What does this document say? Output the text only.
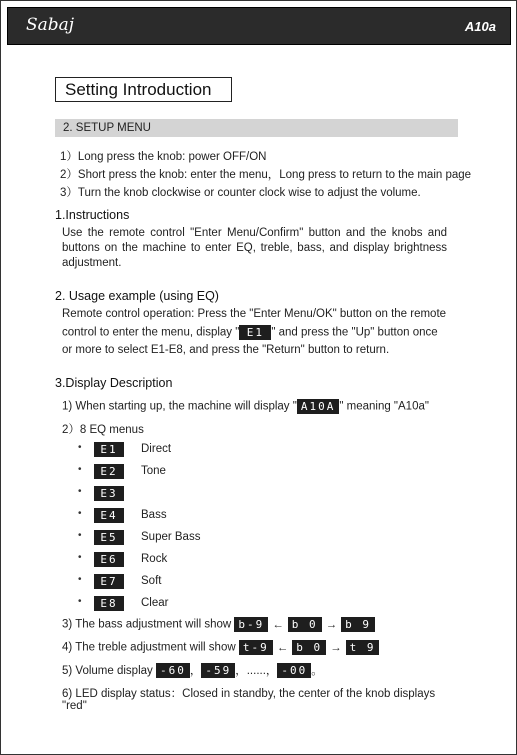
Sabaj	A10a
Setting Introduction
2. SETUP MENU
1）Long press the knob: power OFF/ON
2）Short press the knob: enter the menu，Long press to return to the main page
3）Turn the knob clockwise or counter clock wise to adjust the volume.
1.Instructions
Use the remote control "Enter Menu/Confirm" button and the knobs and buttons on the machine to enter EQ, treble, bass, and display brightness adjustment.
2. Usage example (using EQ)
Remote control operation: Press the "Enter Menu/OK" button on the remote
control to enter the menu, display " E1 " and press the "Up" button once
or more to select E1-E8, and press the "Return" button to return.
3.Display Description
1) When starting up, the machine will display " A10A " meaning "A10a"
2）8 EQ menus
•	E1	Direct
•	E2	Tone
•	E3
•	E4	Bass
•	E5	Super Bass
•	E6	Rock
•	E7	Soft
•	E8	Clear
3) The bass adjustment will show b-9 ← b 0 → b 9
4) The treble adjustment will show t-9 ← b 0 → t 9
5) Volume display -60 ， -59 ，......， -00 。
6) LED display status：Closed in standby, the center of the knob displays
"red"
